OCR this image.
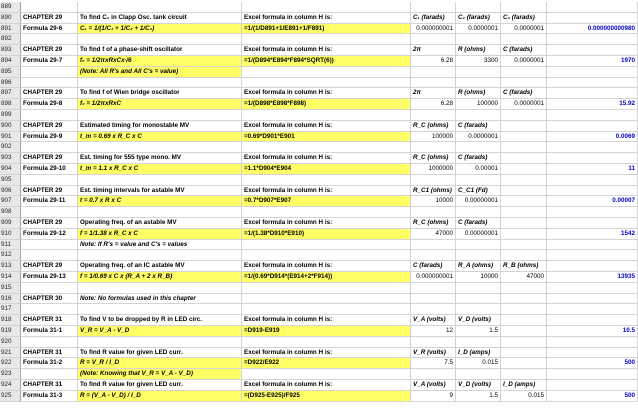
889
890	CHAPTER 29	To find C₁ in Clapp Osc. tank circuit	Excel formula in column H is:	C₁ (farads)	C₂ (farads)	C₃ (farads)
891	Formula 29-6	C₁ = 1/(1/C₁ + 1/C₂ + 1/C₃)	=1/(1/D891+1/E891+1/F891)	0.000000001	0.0000001	0.0000001	0.000000000980
892
893	CHAPTER 29	To find f of a phase-shift oscillator	Excel formula in column H is:	2π	R (ohms)	C (farads)
894	Formula 29-7	f₀ = 1/2πxRxCx√6	=1/(D894*E894*F894*SQRT(6))	6.28	3300	0.0000001	1970
895	(Note: All R's and All C's = value)
896
897	CHAPTER 29	To find f of Wien bridge oscillator	Excel formula in column H is:	2π	R (ohms)	C (farads)
898	Formula 29-8	f₀ = 1/2πxRxC	=1/(D898*E898*F898)	6.28	100000	0.0000001	15.92
899
900	CHAPTER 29	Estimated timing for monostable MV	Excel formula in column H is:	R_C (ohms)	C (farads)
901	Formula 29-9	t_m = 0.69 x R_C x C	=0.69*D901*E901	100000	0.0000001	0.0069
902
903	CHAPTER 29	Est. timing for 555 type mono. MV	Excel formula in column H is:	R_C (ohms)	C (farads)
904	Formula 29-10	t_m = 1.1 x R_C x C	=1.1*D904*E904	1000000	0.00001	11
905
906	CHAPTER 29	Est. timing intervals for astable MV	Excel formula in column H is:	R_C1 (ohms) C_C1 (Fd)
907	Formula 29-11	t = 0.7 x R x C	=0.7*D907*E907	10000	0.00000001	0.00007
908
909	CHAPTER 29	Operating freq. of an astable MV	Excel formula in column H is:	R_C (ohms)	C (farads)
910	Formula 29-12	f = 1/1.38 x R_C x C	=1/(1.38*D910*E910)	47000	0.00000001	1542
911	Note: If R's = value and C's = values
912
913	CHAPTER 29	Operating freq. of an IC astable MV	Excel formula in column H is:	C (farads)	R_A (ohms)	R_B (ohms)
914	Formula 29-13	f = 1/0.69 x C x (R_A + 2 x R_B)	=1/(0.69*D914*(E914+2*F914))	0.000000001	10000	47000	13935
915
916	CHAPTER 30	Note: No formulas used in this chapter
917
918	CHAPTER 31	To find V to be dropped by R in LED circ.	Excel formula in column H is:	V_A (volts)	V_D (volts)
919	Formula 31-1	V_R = V_A - V_D	=D919-E919	12	1.5	10.5
920
921	CHAPTER 31	To find R value for given LED curr.	Excel formula in column H is:	V_R (volts)	I_D (amps)
922	Formula 31-2	R = V_R / I_D	=D922/E922	7.5	0.015	500
923	(Note: Knowing that V_R = V_A - V_D)
924	CHAPTER 31	To find R value for given LED curr.	Excel formula in column H is:	V_A (volts)	V_D (volts)	I_D (amps)
925	Formula 31-3	R = (V_A - V_D) / I_D	=(D925-E925)/F925	9	1.5	0.015	500
